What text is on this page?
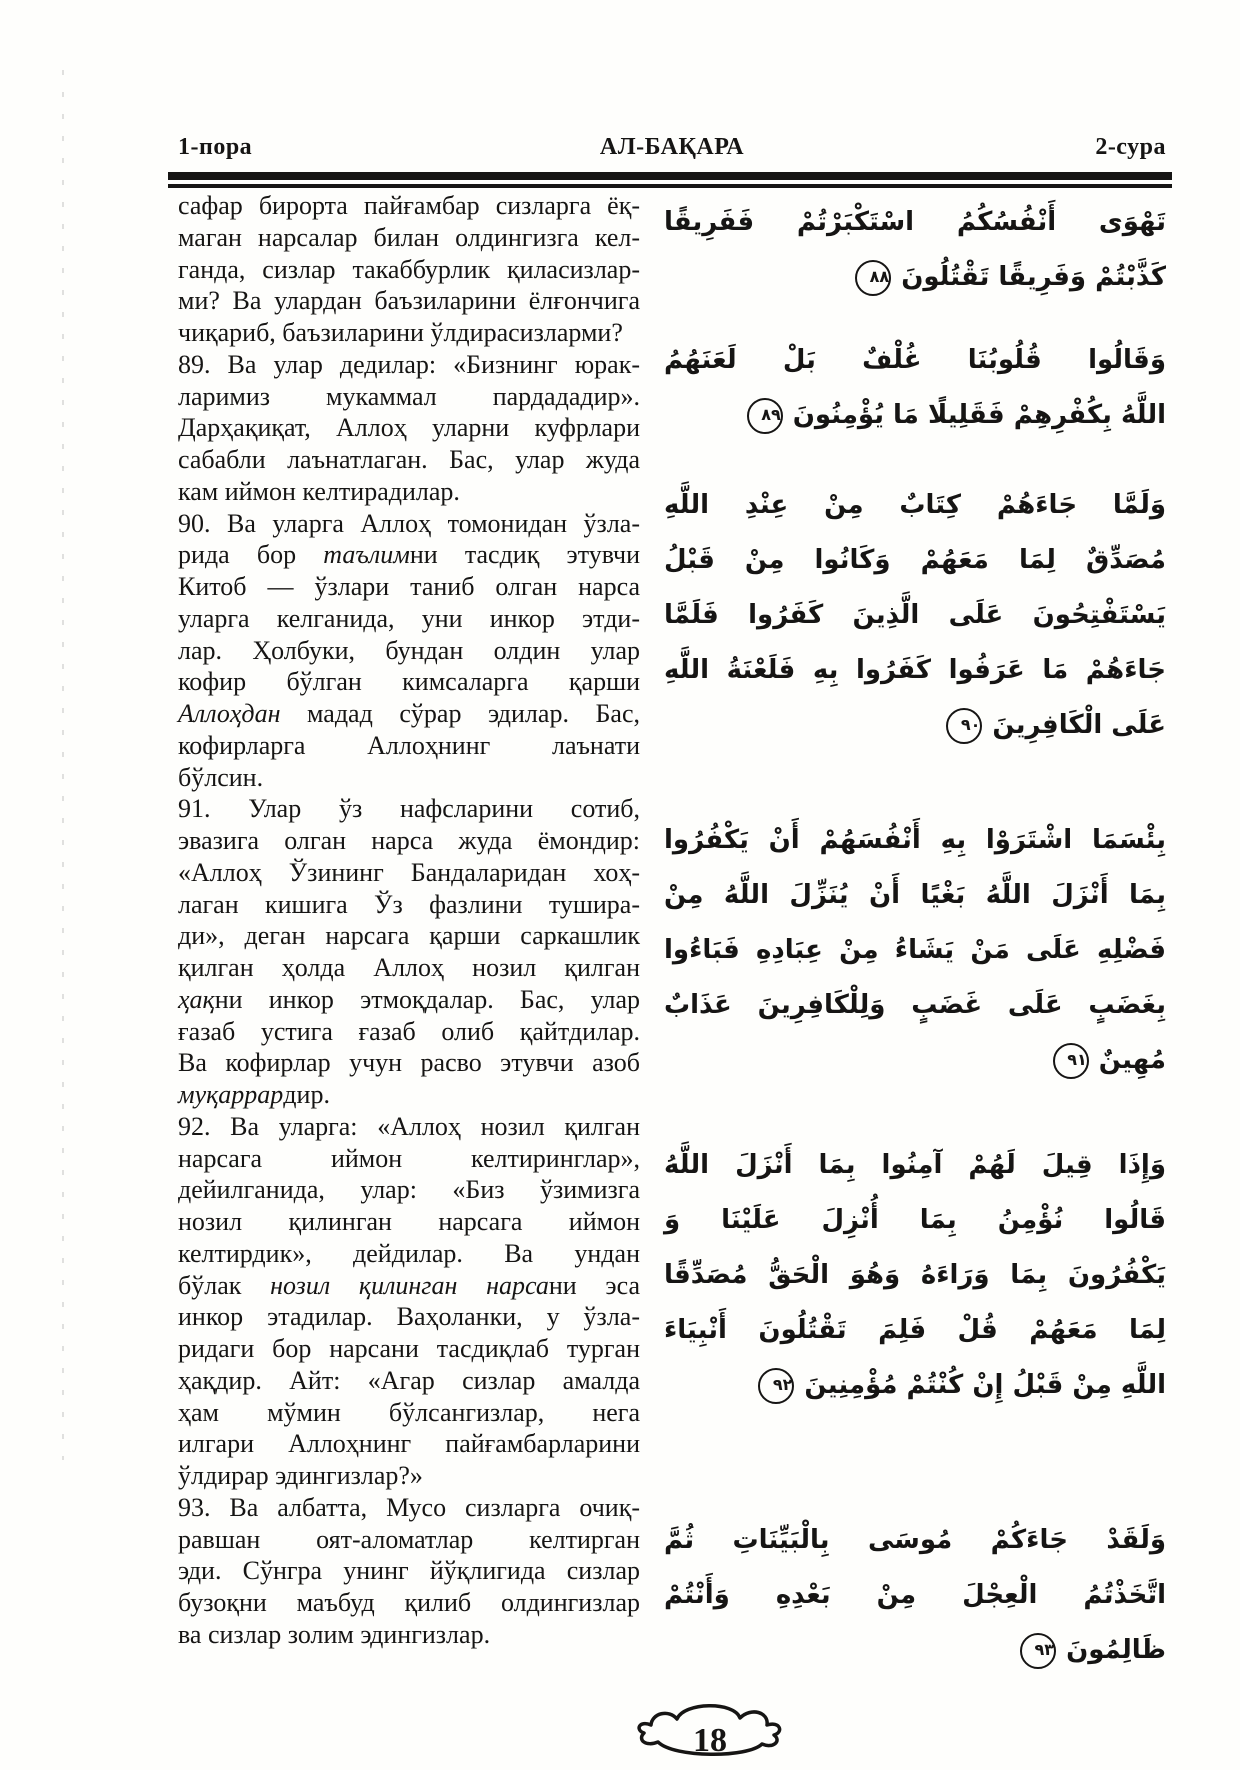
1-пора	АЛ-БАҚАРА	2-сура
сафар бирорта пайғамбар сизларга ёқ-
маган нарсалар билан олдингизга кел-
ганда, сизлар такаббурлик қиласизлар-
ми? Ва улардан баъзиларини ёлғончига
чиқариб, баъзиларини ўлдирасизларми?
89. Ва улар дедилар: «Бизнинг юрак-
ларимиз мукаммал пардададир».
Дарҳақиқат, Аллоҳ уларни куфрлари
сабабли лаънатлаган. Бас, улар жуда
кам иймон келтирадилар.
90. Ва уларга Аллоҳ томонидан ўзла-
рида бор таълимни тасдиқ этувчи
Китоб — ўзлари таниб олган нарса
уларга келганида, уни инкор этди-
лар. Ҳолбуки, бундан олдин улар
кофир бўлган кимсаларга қарши
Аллоҳдан мадад сўрар эдилар. Бас,
кофирларга Аллоҳнинг лаънати
бўлсин.
91. Улар ўз нафсларини сотиб,
эвазига олган нарса жуда ёмондир:
«Аллоҳ Ўзининг Бандаларидан хоҳ-
лаган кишига Ўз фазлини тушира-
ди», деган нарсага қарши саркашлик
қилган ҳолда Аллоҳ нозил қилган
ҳақни инкор этмоқдалар. Бас, улар
ғазаб устига ғазаб олиб қайтдилар.
Ва кофирлар учун расво этувчи азоб
муқаррардир.
92. Ва уларга: «Аллоҳ нозил қилган
нарсага иймон келтиринглар»,
дейилганида, улар: «Биз ўзимизга
нозил қилинган нарсага иймон
келтирдик», дейдилар. Ва ундан
бўлак нозил қилинган нарсани эса
инкор этадилар. Ваҳоланки, у ўзла-
ридаги бор нарсани тасдиқлаб турган
ҳақдир. Айт: «Агар сизлар амалда
ҳам мўмин бўлсангизлар, нега
илгари Аллоҳнинг пайғамбарларини
ўлдирар эдингизлар?»
93. Ва албатта, Мусо сизларга очиқ-
равшан оят-аломатлар келтирган
эди. Сўнгра унинг йўқлигида сизлар
бузоқни маъбуд қилиб олдингизлар
ва сизлар золим эдингизлар.
تَهْوَى أَنْفُسُكُمُ اسْتَكْبَرْتُمْ فَفَرِيقًا
كَذَّبْتُمْ وَفَرِيقًا تَقْتُلُونَ٨٨
وَقَالُوا قُلُوبُنَا غُلْفٌ بَلْ لَعَنَهُمُ
اللَّهُ بِكُفْرِهِمْ فَقَلِيلًا مَا يُؤْمِنُونَ٨٩
وَلَمَّا جَاءَهُمْ كِتَابٌ مِنْ عِنْدِ اللَّهِ
مُصَدِّقٌ لِمَا مَعَهُمْ وَكَانُوا مِنْ قَبْلُ
يَسْتَفْتِحُونَ عَلَى الَّذِينَ كَفَرُوا فَلَمَّا
جَاءَهُمْ مَا عَرَفُوا كَفَرُوا بِهِ فَلَعْنَةُ اللَّهِ
عَلَى الْكَافِرِينَ٩٠
بِئْسَمَا اشْتَرَوْا بِهِ أَنْفُسَهُمْ أَنْ يَكْفُرُوا
بِمَا أَنْزَلَ اللَّهُ بَغْيًا أَنْ يُنَزِّلَ اللَّهُ مِنْ
فَضْلِهِ عَلَى مَنْ يَشَاءُ مِنْ عِبَادِهِ فَبَاءُوا
بِغَضَبٍ عَلَى غَضَبٍ وَلِلْكَافِرِينَ عَذَابٌ
مُهِينٌ٩١
وَإِذَا قِيلَ لَهُمْ آمِنُوا بِمَا أَنْزَلَ اللَّهُ
قَالُوا نُؤْمِنُ بِمَا أُنْزِلَ عَلَيْنَا وَ
يَكْفُرُونَ بِمَا وَرَاءَهُ وَهُوَ الْحَقُّ مُصَدِّقًا
لِمَا مَعَهُمْ قُلْ فَلِمَ تَقْتُلُونَ أَنْبِيَاءَ
اللَّهِ مِنْ قَبْلُ إِنْ كُنْتُمْ مُؤْمِنِينَ٩٢
وَلَقَدْ جَاءَكُمْ مُوسَى بِالْبَيِّنَاتِ ثُمَّ
اتَّخَذْتُمُ الْعِجْلَ مِنْ بَعْدِهِ وَأَنْتُمْ
ظَالِمُونَ٩٣
18
